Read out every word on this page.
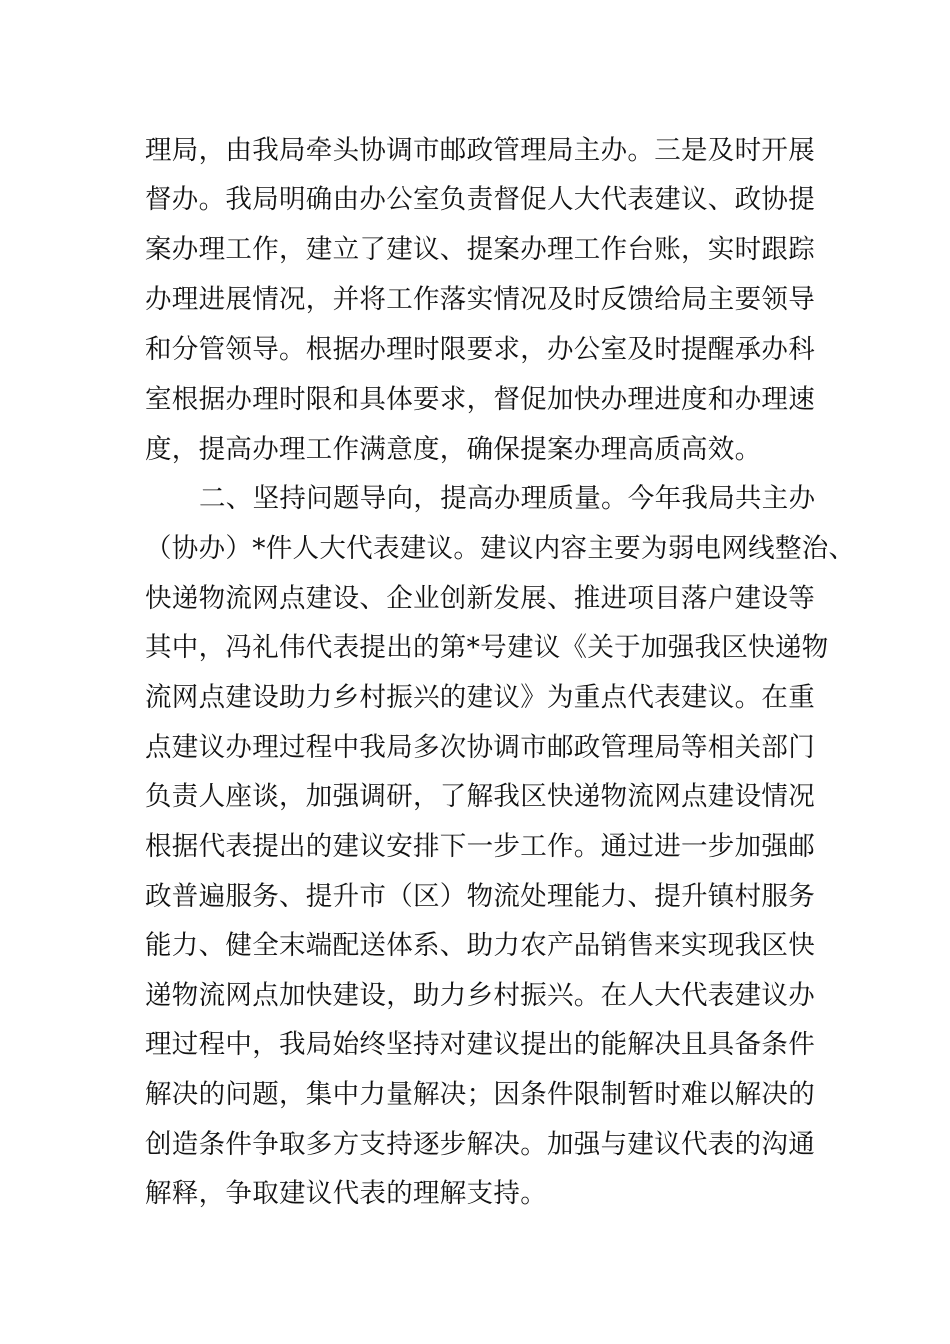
理局，由我局牵头协调市邮政管理局主办。三是及时开展
督办。我局明确由办公室负责督促人大代表建议、政协提
案办理工作，建立了建议、提案办理工作台账，实时跟踪
办理进展情况，并将工作落实情况及时反馈给局主要领导
和分管领导。根据办理时限要求，办公室及时提醒承办科
室根据办理时限和具体要求，督促加快办理进度和办理速
度，提高办理工作满意度，确保提案办理高质高效。
二、坚持问题导向，提高办理质量。今年我局共主办
（协办）*件人大代表建议。建议内容主要为弱电网线整治、
快递物流网点建设、企业创新发展、推进项目落户建设等
其中，冯礼伟代表提出的第*号建议《关于加强我区快递物
流网点建设助力乡村振兴的建议》为重点代表建议。在重
点建议办理过程中我局多次协调市邮政管理局等相关部门
负责人座谈，加强调研，了解我区快递物流网点建设情况
根据代表提出的建议安排下一步工作。通过进一步加强邮
政普遍服务、提升市（区）物流处理能力、提升镇村服务
能力、健全末端配送体系、助力农产品销售来实现我区快
递物流网点加快建设，助力乡村振兴。在人大代表建议办
理过程中，我局始终坚持对建议提出的能解决且具备条件
解决的问题，集中力量解决；因条件限制暂时难以解决的
创造条件争取多方支持逐步解决。加强与建议代表的沟通
解释，争取建议代表的理解支持。
